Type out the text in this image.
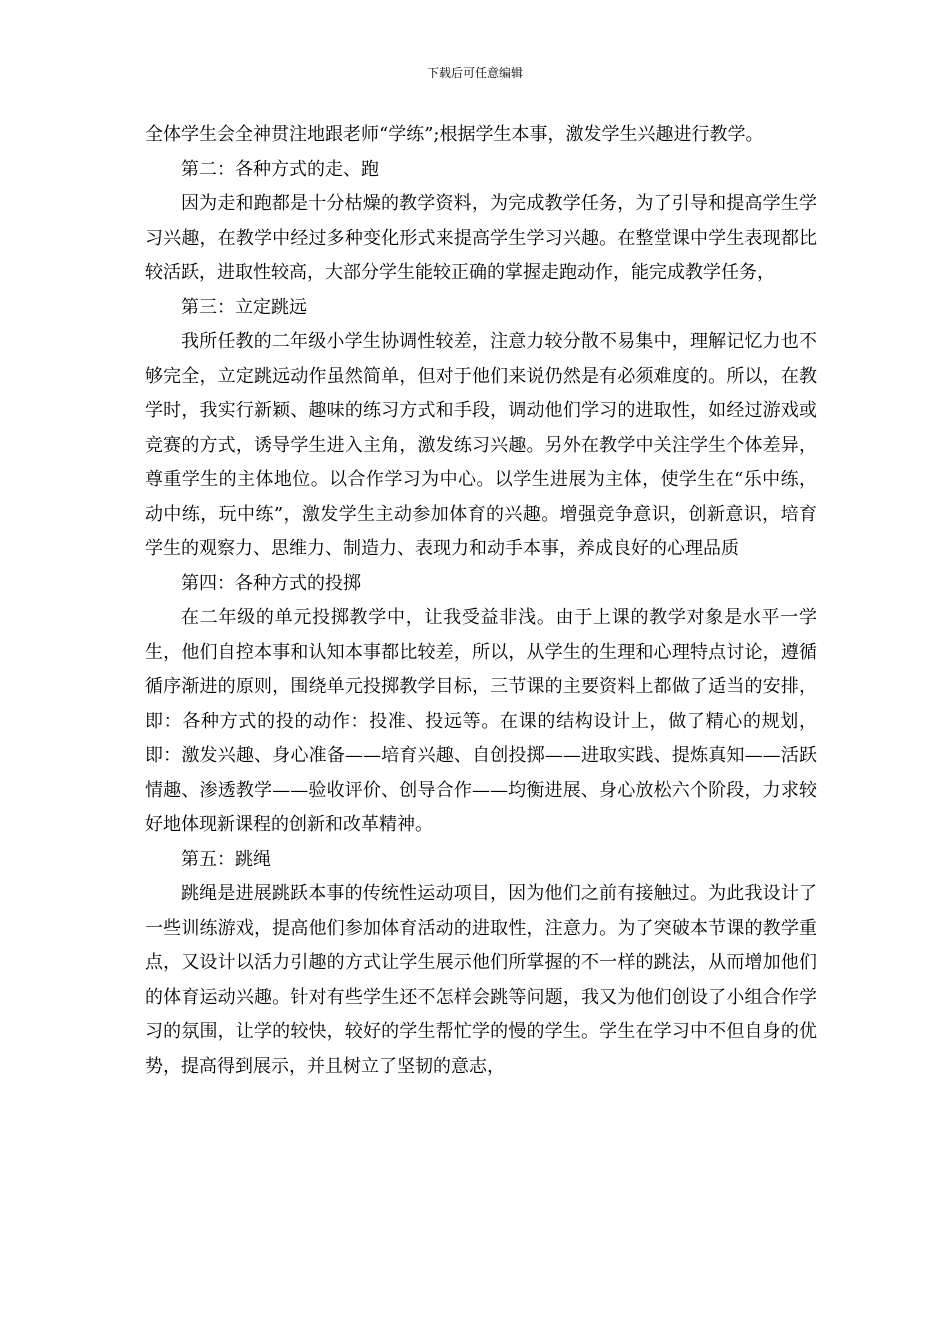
下载后可任意编辑

全体学生会全神贯注地跟老师“学练”;根据学生本事，激发学生兴趣进行教学。

第二：各种方式的走、跑

因为走和跑都是十分枯燥的教学资料，为完成教学任务，为了引导和提高学生学习兴趣，在教学中经过多种变化形式来提高学生学习兴趣。在整堂课中学生表现都比较活跃，进取性较高，大部分学生能较正确的掌握走跑动作，能完成教学任务，

第三：立定跳远

我所任教的二年级小学生协调性较差，注意力较分散不易集中，理解记忆力也不够完全，立定跳远动作虽然简单，但对于他们来说仍然是有必须难度的。所以，在教学时，我实行新颖、趣味的练习方式和手段，调动他们学习的进取性，如经过游戏或竞赛的方式，诱导学生进入主角，激发练习兴趣。另外在教学中关注学生个体差异，尊重学生的主体地位。以合作学习为中心。以学生进展为主体，使学生在“乐中练，动中练，玩中练”，激发学生主动参加体育的兴趣。增强竞争意识，创新意识，培育学生的观察力、思维力、制造力、表现力和动手本事，养成良好的心理品质

第四：各种方式的投掷

在二年级的单元投掷教学中，让我受益非浅。由于上课的教学对象是水平一学生，他们自控本事和认知本事都比较差，所以，从学生的生理和心理特点讨论，遵循循序渐进的原则，围绕单元投掷教学目标，三节课的主要资料上都做了适当的安排，即：各种方式的投的动作：投准、投远等。在课的结构设计上，做了精心的规划，即：激发兴趣、身心准备——培育兴趣、自创投掷——进取实践、提炼真知——活跃情趣、渗透教学——验收评价、创导合作——均衡进展、身心放松六个阶段，力求较好地体现新课程的创新和改革精神。

第五：跳绳

跳绳是进展跳跃本事的传统性运动项目，因为他们之前有接触过。为此我设计了一些训练游戏，提高他们参加体育活动的进取性，注意力。为了突破本节课的教学重点，又设计以活力引趣的方式让学生展示他们所掌握的不一样的跳法，从而增加他们的体育运动兴趣。针对有些学生还不怎样会跳等问题，我又为他们创设了小组合作学习的氛围，让学的较快，较好的学生帮忙学的慢的学生。学生在学习中不但自身的优势，提高得到展示，并且树立了坚韧的意志，
